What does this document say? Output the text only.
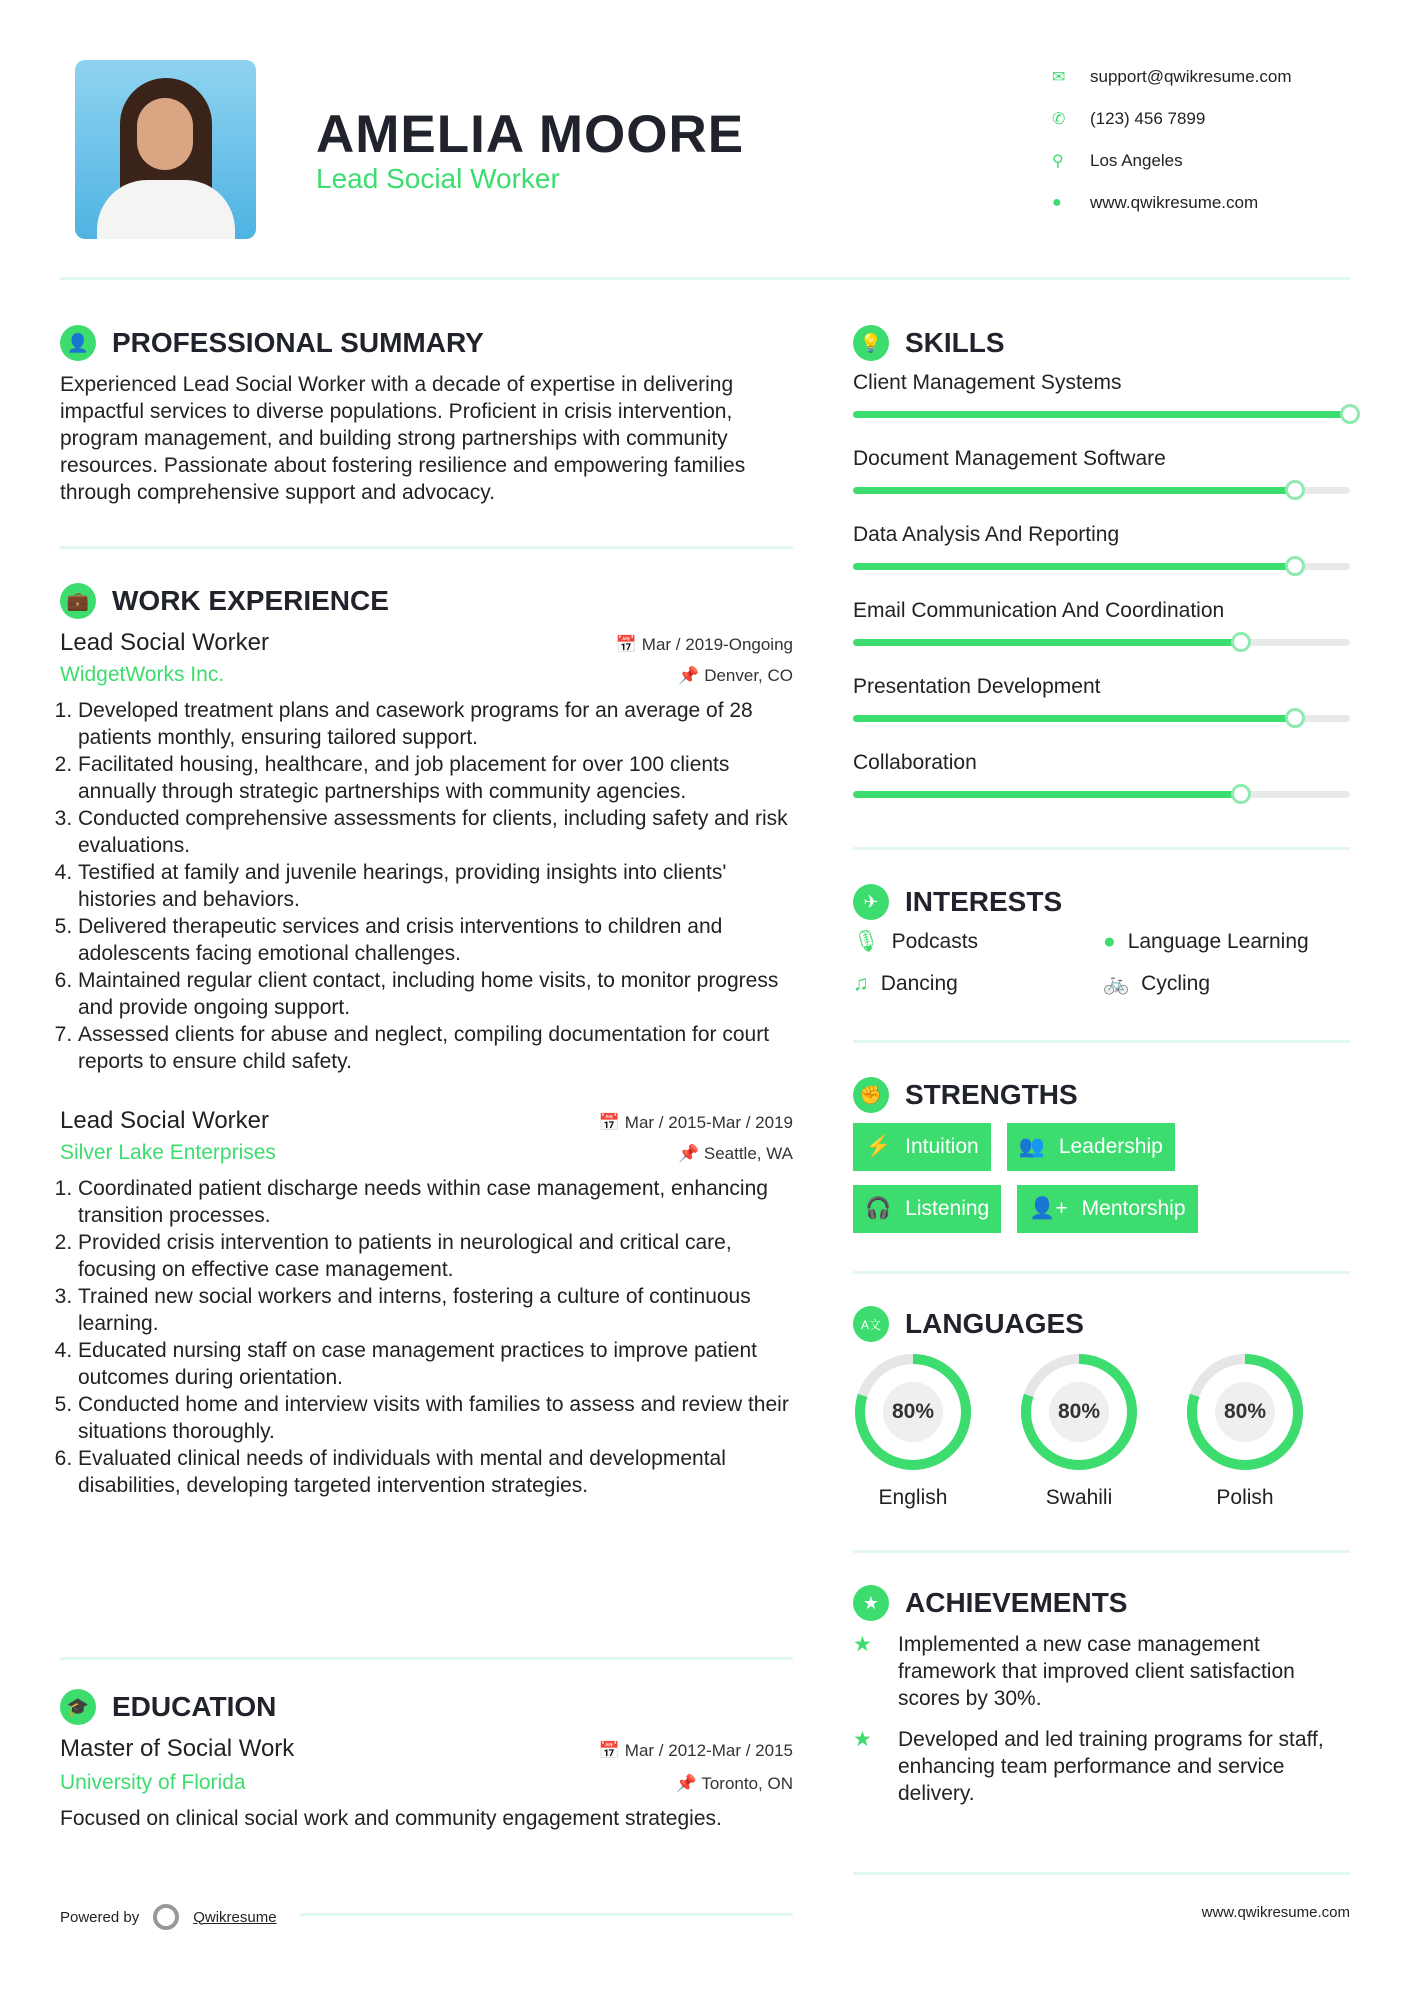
AMELIA MOORE
Lead Social Worker
✉	support@qwikresume.com
✆	(123) 456 7899
⚲	Los Angeles
●	www.qwikresume.com
👤 PROFESSIONAL SUMMARY
Experienced Lead Social Worker with a decade of expertise in delivering impactful services to diverse populations. Proficient in crisis intervention, program management, and building strong partnerships with community resources. Passionate about fostering resilience and empowering families through comprehensive support and advocacy.
💼 WORK EXPERIENCE
Lead Social Worker	📅 Mar / 2019-Ongoing
WidgetWorks Inc.	📌 Denver, CO
1. Developed treatment plans and casework programs for an average of 28 patients monthly, ensuring tailored support.
2. Facilitated housing, healthcare, and job placement for over 100 clients annually through strategic partnerships with community agencies.
3. Conducted comprehensive assessments for clients, including safety and risk evaluations.
4. Testified at family and juvenile hearings, providing insights into clients' histories and behaviors.
5. Delivered therapeutic services and crisis interventions to children and adolescents facing emotional challenges.
6. Maintained regular client contact, including home visits, to monitor progress and provide ongoing support.
7. Assessed clients for abuse and neglect, compiling documentation for court reports to ensure child safety.
Lead Social Worker	📅 Mar / 2015-Mar / 2019
Silver Lake Enterprises	📌 Seattle, WA
1. Coordinated patient discharge needs within case management, enhancing transition processes.
2. Provided crisis intervention to patients in neurological and critical care, focusing on effective case management.
3. Trained new social workers and interns, fostering a culture of continuous learning.
4. Educated nursing staff on case management practices to improve patient outcomes during orientation.
5. Conducted home and interview visits with families to assess and review their situations thoroughly.
6. Evaluated clinical needs of individuals with mental and developmental disabilities, developing targeted intervention strategies.
🎓 EDUCATION
Master of Social Work	📅 Mar / 2012-Mar / 2015
University of Florida	📌 Toronto, ON
Focused on clinical social work and community engagement strategies.
💡 SKILLS
Client Management Systems
Document Management Software
Data Analysis And Reporting
Email Communication And Coordination
Presentation Development
Collaboration
✈ INTERESTS
🎙 Podcasts	● Language Learning
♫ Dancing	🚲 Cycling
✊ STRENGTHS
⚡ Intuition 👥 Leadership
🎧 Listening 👤+ Mentorship
A文 LANGUAGES
80%
English
80%
Swahili
80%
Polish
★ ACHIEVEMENTS
★	Implemented a new case management framework that improved client satisfaction scores by 30%.
★	Developed and led training programs for staff, enhancing team performance and service delivery.
Powered by	Qwikresume	www.qwikresume.com
